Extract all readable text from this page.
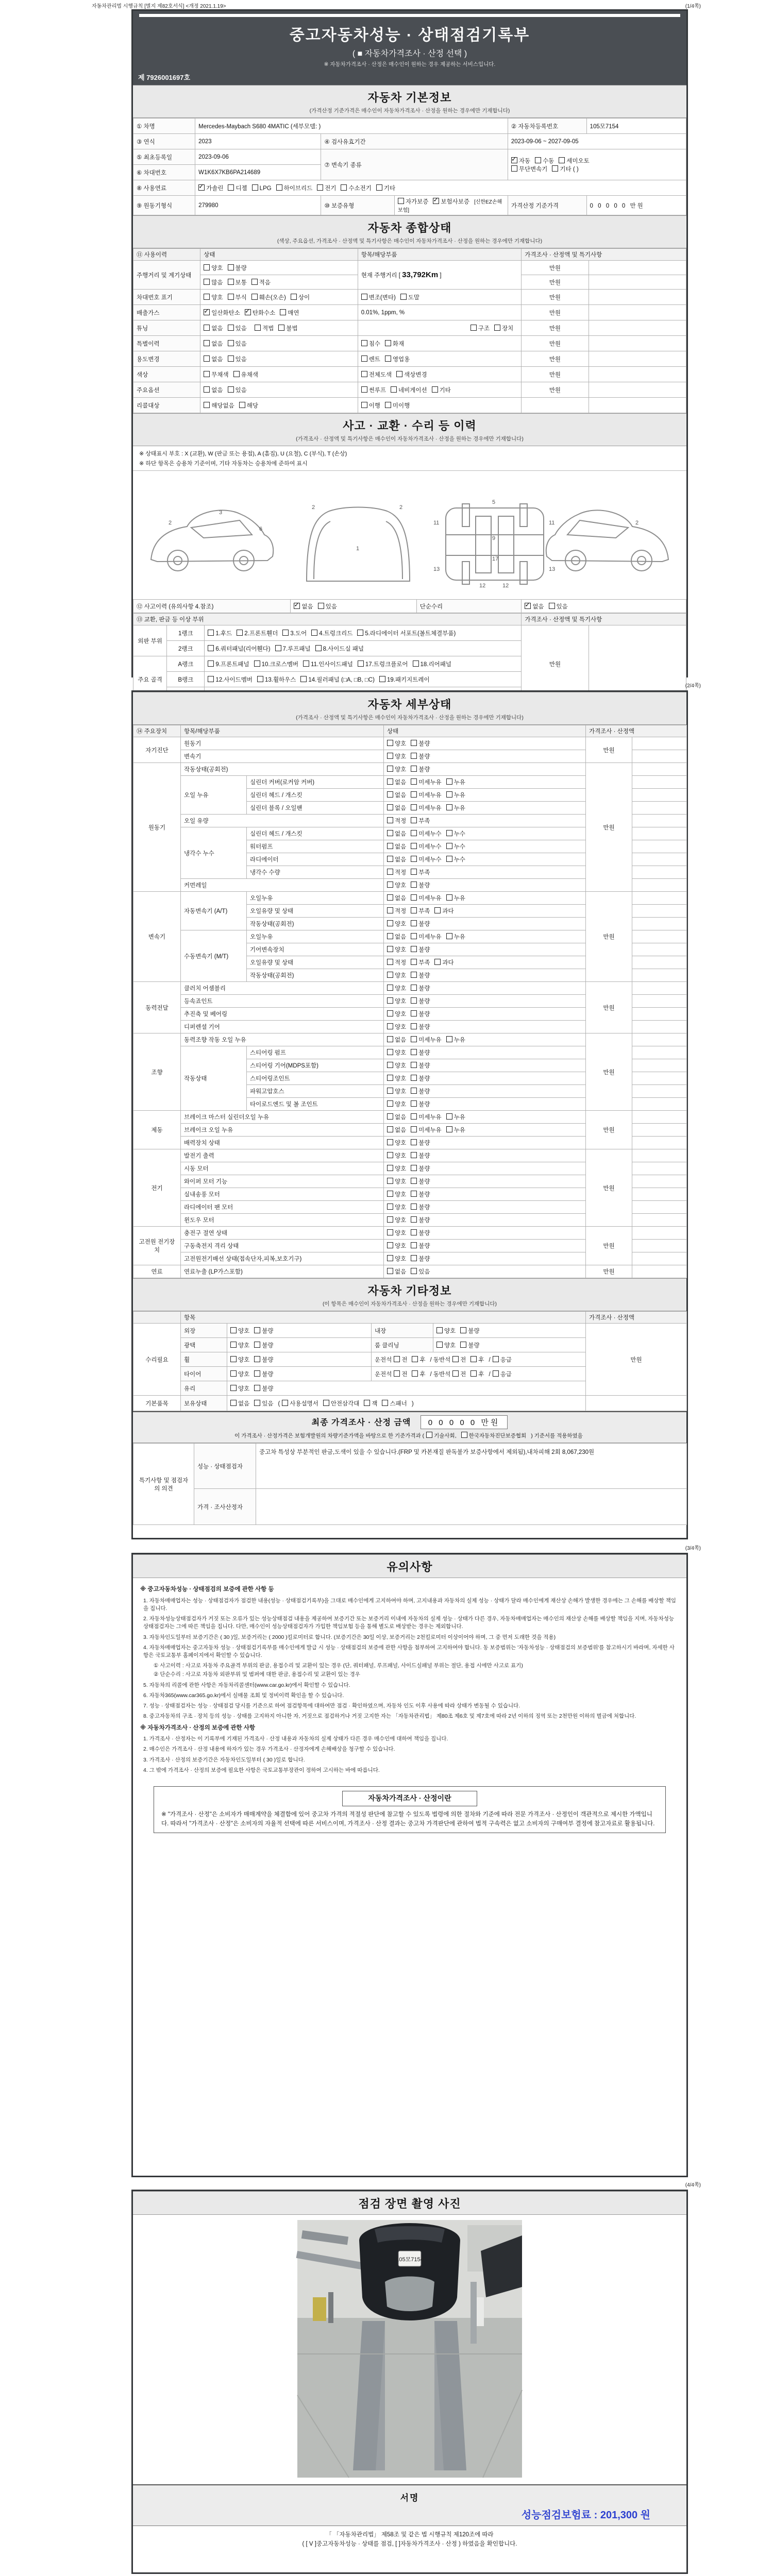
자동차관리법 시행규칙 [별지 제82호서식] <개정 2021.1.19>	(1/4쪽)
중고자동차성능 · 상태점검기록부
( ■ 자동차가격조사 · 산정 선택 )
※ 자동차가격조사 · 산정은 매수인이 원하는 경우 제공하는 서비스입니다.
제 7926001697호
자동차 기본정보
(가격산정 기준가격은 매수인이 자동차가격조사 · 산정을 원하는 경우에만 기재합니다)
① 차명	Mercedes-Maybach S680 4MATIC (세부모델: )			② 자동차등록번호	105모7154
③ 연식	2023	④ 검사유효기간		2023-09-06 ~ 2027-09-05	
⑤ 최초등록일	2023-09-06	⑦ 변속기 종류	
✓자동 수동 세미오토
무단변속기 기타 ( )

⑥ 차대번호	W1K6X7KB6PA214689				
⑧ 사용연료	✓가솔린 디젤 LPG 하이브리드 전기 수소전기 기타
⑨ 원동기형식	279980	⑩ 보증유형	자가보증 ✓ 보험사보증 [신한EZ손해보험]	가격산정 기준가격	0 0 0 0 0 만원
자동차 종합상태
(색상, 주요옵션, 가격조사 · 산정액 및 특기사항은 매수인이 자동차가격조사 · 산정을 원하는 경우에만 기재합니다)
⑪ 사용이력	상태	항목/해당부품	가격조사 · 산정액 및 특기사항	
주행거리 및 계기상태	양호 불량	현재 주행거리 [ 33,792Km ]	만원	
	많음 보통 적음		만원	
차대번호 표기	양호 부식 훼손(오손) 상이	변조(변타) 도말	만원	
배출가스	✓일산화탄소 ✓ 탄화수소 매연	0.01%, 1ppm, %	만원	
튜닝	없음 있음 적법 불법	구조 장치	만원	
특별이력	없음 있음	침수 화재	만원	
용도변경	없음 있음	렌트 영업용	만원	
색상	무채색 유채색	전체도색 색상변경	만원	
주요옵션	없음 있음	썬루프 네비게이션 기타	만원	
리콜대상	해당없음 해당	이행 미이행		
사고 · 교환 · 수리 등 이력
(가격조사 · 산정액 및 특기사항은 매수인이 자동차가격조사 · 산정을 원하는 경우에만 기재합니다)
※ 상태표시 부호 : X (교환), W (판금 또는 용접), A (흠집), U (요철), C (부식), T (손상)
※ 하단 항목은 승용차 기준이며, 기타 자동차는 승용차에 준하여 표시
2
3
6
1
2	2
11	11
13	13
12	12
5
9
17
2
⑫ 사고이력 (유의사항 4.참조)	✓없음 있음	단순수리	✓없음 있음
⑬ 교환, 판금 등 이상 부위			가격조사 · 산정액 및 특기사항	
외판 부위	1랭크	1.후드 2.프론트휀더 3.도어 4.트렁크리드 5.라디에이터 서포트(볼트체결부품)	만원	
	2랭크	6.쿼터패널(리어휀다) 7.루프패널 8.사이드실 패널		
주요 골격	A랭크	9.프론트패널 10.크로스멤버 11.인사이드패널 17.트렁크플로어 18.리어패널		
	B랭크	12.사이드멤버 13.휠하우스 14.필러패널 (□A, □B, □C) 19.패키지트레이		

(2/4쪽)
자동차 세부상태
(가격조사 · 산정액 및 특기사항은 매수인이 자동차가격조사 · 산정을 원하는 경우에만 기재합니다)
⑭ 주요장치	항목/해당부품		상태	가격조사 · 산정액	
자기진단	원동기		양호 불량	만원	
	변속기		양호 불량		
원동기	작동상태(공회전)		양호 불량	만원	
	오일 누유	실린더 커버(로커암 커버)	없음 미세누유 누유		
		실린더 헤드 / 개스킷	없음 미세누유 누유		
		실린더 블록 / 오일팬	없음 미세누유 누유		
	오일 유량		적정 부족		
	냉각수 누수	실린더 헤드 / 개스킷	없음 미세누수 누수		
		워터펌프	없음 미세누수 누수		
		라디에이터	없음 미세누수 누수		
		냉각수 수량	적정 부족		
	커먼레일		양호 불량		
변속기	자동변속기 (A/T)	오일누유	없음 미세누유 누유	만원	
		오일유량 및 상태	적정 부족 과다		
		작동상태(공회전)	양호 불량		
	수동변속기 (M/T)	오일누유	없음 미세누유 누유		
		기어변속장치	양호 불량		
		오일유량 및 상태	적정 부족 과다		
		작동상태(공회전)	양호 불량		
동력전달	클러치 어셈블리		양호 불량	만원	
	등속죠인트		양호 불량		
	추진축 및 베어링		양호 불량		
	디퍼렌셜 기어		양호 불량		
조향	동력조향 작동 오일 누유		없음 미세누유 누유	만원	
	작동상태	스티어링 펌프	양호 불량		
		스티어링 기어(MDPS포함)	양호 불량		
		스티어링조인트	양호 불량		
		파워고압호스	양호 불량		
		타이로드엔드 및 볼 조인트	양호 불량		
제동	브레이크 마스터 실린더오일 누유		없음 미세누유 누유	만원	
	브레이크 오일 누유		없음 미세누유 누유		
	배력장치 상태		양호 불량		
전기	발전기 출력		양호 불량	만원	
	시동 모터		양호 불량		
	와이퍼 모터 기능		양호 불량		
	실내송풍 모터		양호 불량		
	라디에이터 팬 모터		양호 불량		
	윈도우 모터		양호 불량		
고전원 전기장치	충전구 절연 상태		양호 불량	만원	
	구동축전지 격리 상태		양호 불량		
	고전원전기배선 상태(접속단자,피복,보호기구)		양호 불량		
연료	연료누출 (LP가스포함)		없음 있음	만원	
자동차 기타정보
(이 항목은 매수인이 자동차가격조사 · 산정을 원하는 경우에만 기재합니다)
	항목				가격조사 · 산정액
수리필요	외장	양호 불량	내장	양호 불량	만원
	광택	양호 불량	룸 클리닝	양호 불량	
	휠	양호 불량	운전석 전 후 / 동반석 전 후 / 응급		
	타이어	양호 불량	운전석 전 후 / 동반석 전 후 / 응급		
	유리	양호 불량			
기본품목	보유상태	없음 있음 ( 사용설명서 안전삼각대 잭 스패너 )			
최종 가격조사 · 산정 금액 0 0 0 0 0 만원
이 가격조사 · 산정가격은 보험개발원의 차량기준가액을 바탕으로 한 기준가격과 ( 기술사회, 한국자동차진단보증협회 ) 기준서를 적용하였음
특기사항 및 점검자의 의견	성능 · 상태점검자	중고차 특성상 부분적인 판금,도색이 있을 수 있습니다.(FRP 및 카본재질 판독불가 보증사항에서 제외됨),내차피해 2회 8,067,230원
	가격 · 조사산정자	
(3/4쪽)
유의사항
※ 중고자동차성능 · 상태점검의 보증에 관한 사항 등
1. 자동차매매업자는 성능 · 상태점검자가 점검한 내용(성능 · 상태점검기록부)을 그대로 매수인에게 고지하여야 하며, 고지내용과 자동차의 실제 성능 · 상태가 달라 매수인에게 재산상 손해가 발생한 경우에는 그 손해를 배상할 책임을 집니다.
2. 자동차성능상태점검자가 거짓 또는 오류가 있는 성능상태점검 내용을 제공하여 보증기간 또는 보증거리 이내에 자동차의 실제 성능 · 상태가 다른 경우, 자동차매매업자는 매수인의 재산상 손해를 배상할 책임을 지며, 자동차성능상태점검자는 그에 따른 책임을 집니다. 다만, 매수인이 성능상태점검자가 가입한 책임보험 등을 통해 별도로 배상받는 경우는 제외합니다.
3. 자동차인도일부터 보증기간은 ( 30 )일, 보증거리는 ( 2000 )킬로미터로 합니다. (보증기간은 30일 이상, 보증거리는 2천킬로미터 이상이어야 하며, 그 중 먼저 도래한 것을 적용)
4. 자동차매매업자는 중고자동차 성능 · 상태점검기록부를 매수인에게 발급 시 성능 · 상태점검의 보증에 관한 사항을 첨부하여 고지하여야 합니다. 동 보증범위는 '자동차성능 · 상태점검의 보증범위'를 참고하시기 바라며, 자세한 사항은 국토교통부 홈페이지에서 확인할 수 있습니다.
① 사고이력 : 사고로 자동차 주요골격 부위의 판금, 용접수리 및 교환이 있는 경우 (단, 쿼터패널, 루프패널, 사이드실패널 부위는 절단, 용접 시에만 사고로 표기)
② 단순수리 : 사고로 자동차 외판부위 및 범퍼에 대한 판금, 용접수리 및 교환이 있는 경우
5. 자동차의 리콜에 관한 사항은 자동차리콜센터(www.car.go.kr)에서 확인할 수 있습니다.
6. 자동차365(www.car365.go.kr)에서 실매물 조회 및 정비이력 확인을 할 수 있습니다.
7. 성능 · 상태점검자는 성능 · 상태점검 당시를 기준으로 하여 점검항목에 대하여만 점검 · 확인하였으며, 자동차 인도 이후 사용에 따라 상태가 변동될 수 있습니다.
8. 중고자동차의 구조 · 장치 등의 성능 · 상태를 고지하지 아니한 자, 거짓으로 점검하거나 거짓 고지한 자는 「자동차관리법」 제80조 제6호 및 제7호에 따라 2년 이하의 징역 또는 2천만원 이하의 벌금에 처합니다.
※ 자동차가격조사 · 산정의 보증에 관한 사항
1. 가격조사 · 산정자는 이 기록부에 기재된 가격조사 · 산정 내용과 자동차의 실제 상태가 다른 경우 매수인에 대하여 책임을 집니다.
2. 매수인은 가격조사 · 산정 내용에 하자가 있는 경우 가격조사 · 산정자에게 손해배상을 청구할 수 있습니다.
3. 가격조사 · 산정의 보증기간은 자동차인도일부터 ( 30 )일로 합니다.
4. 그 밖에 가격조사 · 산정의 보증에 필요한 사항은 국토교통부장관이 정하여 고시하는 바에 따릅니다.
자동차가격조사 · 산정이란
※ "가격조사 · 산정"은 소비자가 매매계약을 체결함에 있어 중고차 가격의 적절성 판단에 참고할 수 있도록 법령에 의한 절차와 기준에 따라 전문 가격조사 · 산정인이 객관적으로 제시한 가액입니다. 따라서 "가격조사 · 산정"은 소비자의 자율적 선택에 따른 서비스이며, 가격조사 · 산정 결과는 중고차 가격판단에 관하여 법적 구속력은 없고 소비자의 구매여부 결정에 참고자료로 활용됩니다.
(4/4쪽)
점검 장면 촬영 사진
105모7154
서명
성능점검보험료 : 201,300 원
「 「자동차관리법」 제58조 및 같은 법 시행규칙 제120조에 따라
( [ V ]중고자동차성능 · 상태를 점검, [ ]자동차가격조사 · 산정 ) 하였음을 확인합니다.
